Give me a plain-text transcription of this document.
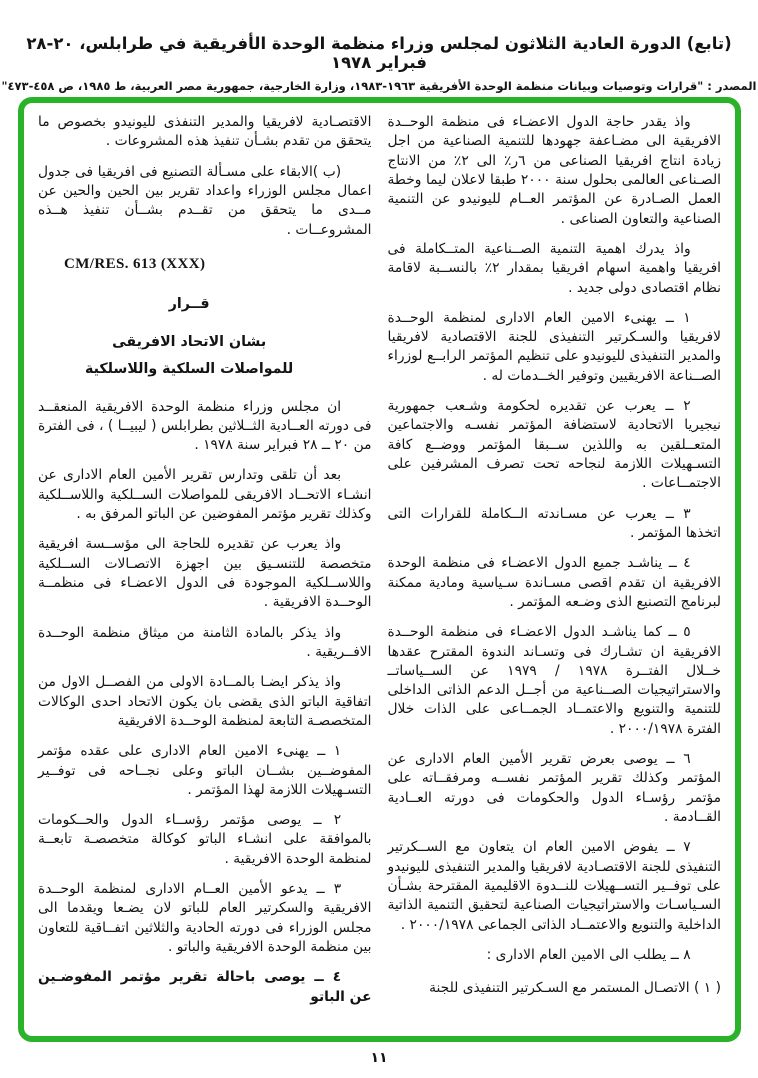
(تابع) الدورة العادية الثلاثون لمجلس وزراء منظمة الوحدة الأفريقية في طرابلس، ٢٠-٢٨ فبراير ١٩٧٨
المصدر : "قرارات وتوصيات وبيانات منظمة الوحدة الأفريقية ١٩٦٣-١٩٨٣، وزارة الخارجية، جمهورية مصر العربية، ط ١٩٨٥، ص ٤٥٨-٤٧٣"

واذ يقدر حاجة الدول الاعضـاء فى منظمة الوحــدة الافريقية الى مضـاعفة جهودها للتنمية الصناعية من اجل زيادة انتاج افريقيا الصناعى من ٦ر٪ الى ٢٪ من الانتاج الصـناعى العالمى بحلول سنة ٢٠٠٠ طبقا لاعلان ليما وخطة العمل الصـادرة عن المؤتمر العــام لليونيدو عن التنمية الصناعية والتعاون الصناعى .

واذ يدرك اهمية التنمية الصــناعية المتــكاملة فى افريقيا واهمية اسهام افريقيا بمقدار ٢٪ بالنســبة لاقامة نظام اقتصادى دولى جديد .

١ ــ يهنىء الامين العام الادارى لمنظمة الوحــدة لافريقيا والسـكرتير التنفيذى للجنة الاقتصادية لافريقيا والمدير التنفيذى لليونيدو على تنظيم المؤتمر الرابــع لوزراء الصــناعة الافريقيين وتوفير الخــدمات له .

٢ ــ يعرب عن تقديره لحكومة وشـعب جمهورية نيجيريا الاتحادية لاستضافة المؤتمر نفسـه والاجتماعين المتعــلقين به واللذين ســبقا المؤتمر ووضــع كافة التسـهيلات اللازمة لنجاحه تحت تصرف المشرفين على الاجتمــاعات .

٣ ــ يعرب عن مسـاندته الــكاملة للقرارات التى اتخذها المؤتمر .

٤ ــ يناشـد جميع الدول الاعضـاء فى منظمة الوحدة الافريقية ان تقدم اقصى مسـاندة سـياسية ومادية ممكنة لبرنامج التصنيع الذى وضـعه المؤتمر .

٥ ــ كما يناشـد الدول الاعضـاء فى منظمة الوحــدة الافريقية ان تشـارك فى وتسـاند الندوة المقترح عقدها خــلال الفتــرة ١٩٧٨ / ١٩٧٩ عن الســياساتــ والاستراتيجيات الصــناعية من أجــل الدعم الذاتى الداخلى للتنمية والتنويع والاعتمــاد الجمــاعى على الذات خلال الفترة ٢٠٠٠/١٩٧٨ .

٦ ــ يوصى بعرض تقرير الأمين العام الادارى عن المؤتمر وكذلك تقرير المؤتمر نفســه ومرفقــاته على مؤتمر رؤسـاء الدول والحكومات فى دورته العــادية القــادمة .

٧ ــ يفوض الامين العام ان يتعاون مع الســكرتير التنفيذى للجنة الاقتصـادية لافريقيا والمدير التنفيذى لليونيدو على توفــير التســهيلات للنــدوة الاقليمية المقترحة بشـأن السـياسـات والاستراتيجيات الصناعية لتحقيق التنمية الذاتية الداخلية والتنويع والاعتمــاد الذاتى الجماعى ٢٠٠٠/١٩٧٨ .

٨ ــ يطلب الى الامين العام الادارى :

( ١ ) الاتصـال المستمر مع السـكرتير التنفيذى للجنة

الاقتصـادية لافريقيا والمدير التنفذى لليونيدو بخصوص ما يتحقق من تقدم بشـأن تنفيذ هذه المشروعات .

(ب )الابقاء على مسـألة التصنيع فى افريقيا فى جدول اعمال مجلس الوزراء واعداد تقرير بين الحين والحين عن مــدى ما يتحقق من تقــدم بشــأن تنفيذ هــذه المشروعــات .

CM/RES. 613 (XXX)

قــرار

بشان الاتحاد الافريقى

للمواصلات السلكية واللاسلكية

ان مجلس وزراء منظمة الوحدة الافريقية المنعقــد فى دورته العــادية الثــلاثين بطرابلس ( ليبيــا ) ، فى الفترة من ٢٠ ــ ٢٨ فبراير سنة ١٩٧٨ .

بعد أن تلقى وتدارس تقرير الأمين العام الادارى عن انشـاء الاتحــاد الافريقى للمواصلات الســلكية واللاســلكية وكذلك تقرير مؤتمر المفوضين عن الباتو المرفق به .

واذ يعرب عن تقديره للحاجة الى مؤســسة افريقية متخصصة للتنسـيق بين اجهزة الاتصـالات الســلكية واللاســلكية الموجودة فى الدول الاعضـاء فى منظمــة الوحــدة الافريقية .

واذ يذكر بالمادة الثامنة من ميثاق منظمة الوحــدة الافــريقية .

واذ يذكر ايضـا بالمــادة الاولى من الفصــل الاول من اتفاقية الباتو الذى يقضى بان يكون الاتحاد احدى الوكالات المتخصصـة التابعة لمنظمة الوحــدة الافريقية

١ ــ يهنىء الامين العام الادارى على عقده مؤتمر المفوضــين بشــان الباتو وعلى نجــاحه فى توفــير التسـهيلات اللازمة لهذا المؤتمر .

٢ ــ يوصى مؤتمر رؤســاء الدول والحــكومات بالموافقة على انشـاء الباتو كوكالة متخصصـة تابعــة لمنظمة الوحدة الافريقية .

٣ ــ يدعو الأمين العــام الادارى لمنظمة الوحــدة الافريقية والسكرتير العام للباتو لان يضـعا ويقدما الى مجلس الوزراء فى دورته الحادية والثلاثين اتفــاقية للتعاون بين منظمة الوحدة الافريقية والباتو .

٤ ــ يوصى باحالة تقرير مؤتمر المفوضـين عن الباتو

١١
